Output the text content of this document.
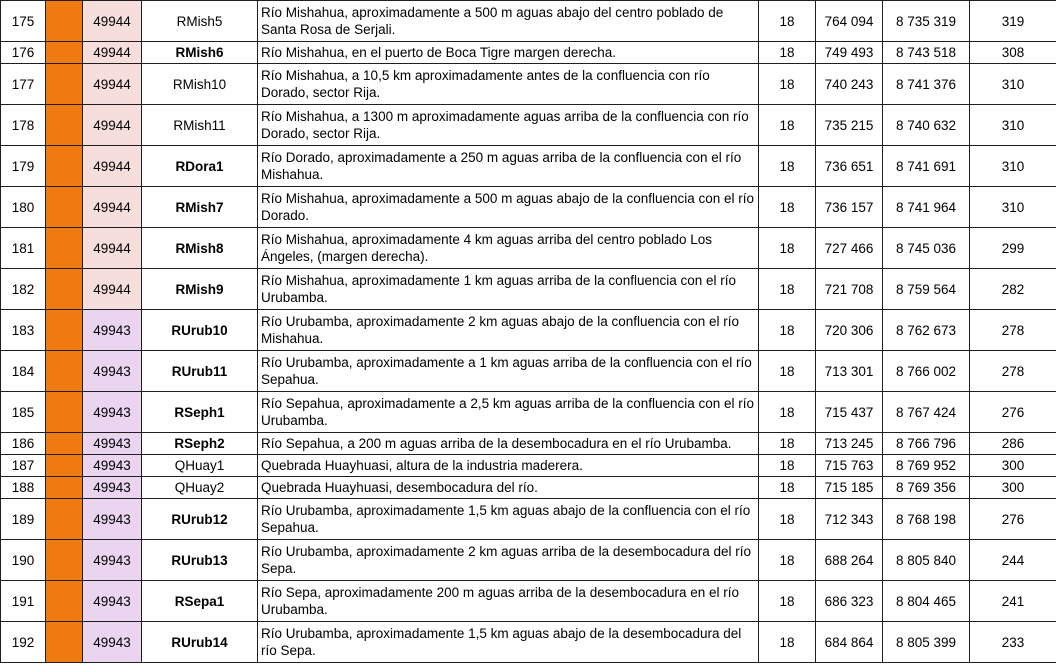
175		49944	RMish5	Río Mishahua, aproximadamente a 500 m aguas abajo del centro poblado de Santa Rosa de Serjali.	18	764 094	8 735 319	319
176		49944	RMish6	Río Mishahua, en el puerto de Boca Tigre margen derecha.	18	749 493	8 743 518	308
177		49944	RMish10	Río Mishahua, a 10,5 km aproximadamente antes de la confluencia con río Dorado, sector Rija.	18	740 243	8 741 376	310
178		49944	RMish11	Río Mishahua, a 1300 m aproximadamente aguas arriba de la confluencia con río Dorado, sector Rija.	18	735 215	8 740 632	310
179		49944	RDora1	Río Dorado, aproximadamente a 250 m aguas arriba de la confluencia con el río Mishahua.	18	736 651	8 741 691	310
180		49944	RMish7	Río Mishahua, aproximadamente a 500 m aguas abajo de la confluencia con el río Dorado.	18	736 157	8 741 964	310
181		49944	RMish8	Río Mishahua, aproximadamente 4 km aguas arriba del centro poblado Los Ángeles, (margen derecha).	18	727 466	8 745 036	299
182		49944	RMish9	Río Mishahua, aproximadamente 1 km aguas arriba de la confluencia con el río Urubamba.	18	721 708	8 759 564	282
183		49943	RUrub10	Río Urubamba, aproximadamente 2 km aguas abajo de la confluencia con el río Mishahua.	18	720 306	8 762 673	278
184		49943	RUrub11	Río Urubamba, aproximadamente a 1 km aguas arriba de la confluencia con el río Sepahua.	18	713 301	8 766 002	278
185		49943	RSeph1	Río Sepahua, aproximadamente a 2,5 km aguas arriba de la confluencia con el río Urubamba.	18	715 437	8 767 424	276
186		49943	RSeph2	Río Sepahua, a 200 m aguas arriba de la desembocadura en el río Urubamba.	18	713 245	8 766 796	286
187		49943	QHuay1	Quebrada Huayhuasi, altura de la industria maderera.	18	715 763	8 769 952	300
188		49943	QHuay2	Quebrada Huayhuasi, desembocadura del río.	18	715 185	8 769 356	300
189		49943	RUrub12	Río Urubamba, aproximadamente 1,5 km aguas abajo de la confluencia con el río Sepahua.	18	712 343	8 768 198	276
190		49943	RUrub13	Río Urubamba, aproximadamente 2 km aguas arriba de la desembocadura del río Sepa.	18	688 264	8 805 840	244
191		49943	RSepa1	Río Sepa, aproximadamente 200 m aguas arriba de la desembocadura en el río Urubamba.	18	686 323	8 804 465	241
192		49943	RUrub14	Río Urubamba, aproximadamente 1,5 km aguas abajo de la desembocadura del río Sepa.	18	684 864	8 805 399	233
